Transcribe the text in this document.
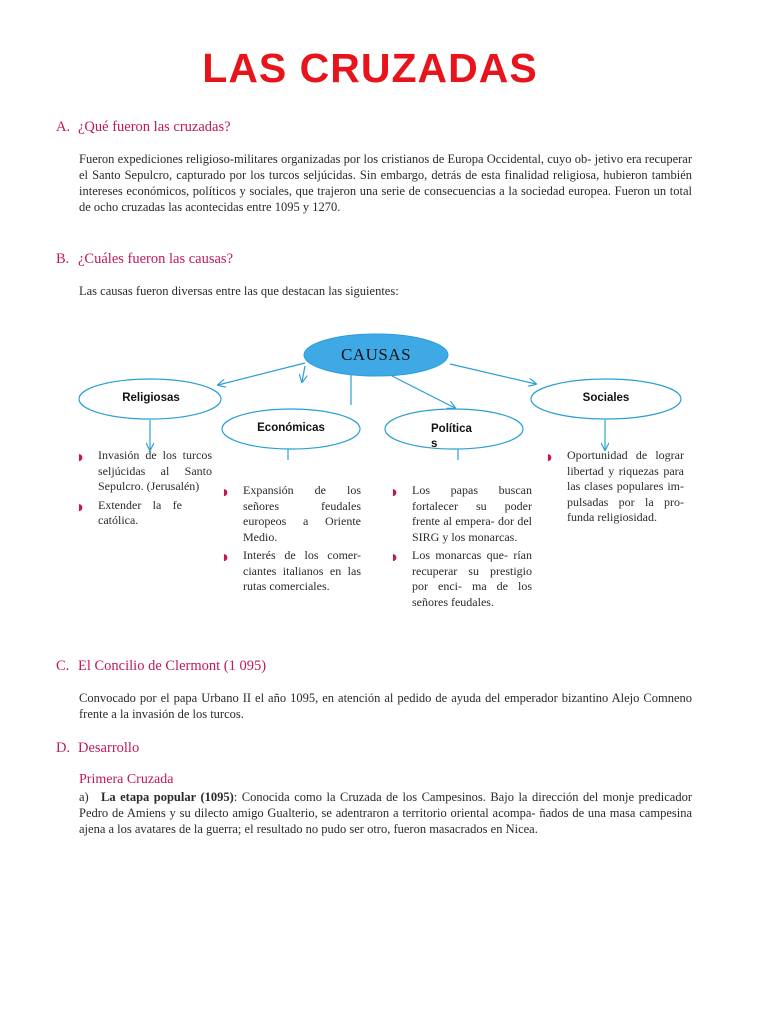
LAS CRUZADAS
A. ¿Qué fueron las cruzadas?
Fueron expediciones religioso-militares organizadas por los cristianos de Europa Occidental, cuyo ob- jetivo era recuperar el Santo Sepulcro, capturado por los turcos seljúcidas. Sin embargo, detrás de esta finalidad religiosa, hubieron también intereses económicos, políticos y sociales, que trajeron una serie de consecuencias a la sociedad europea. Fueron un total de ocho cruzadas las acontecidas entre 1095 y 1270.
B. ¿Cuáles fueron las causas?
Las causas fueron diversas entre las que destacan las siguientes:
CAUSAS
Religiosas
Económicas	Política
s
Sociales
◗ Invasión de los turcos seljúcidas al Santo Sepulcro. (Jerusalén)
◗ Extender la fe católica.
◗ Expansión de los señores feudales europeos a Oriente Medio.
◗ Interés de los comer- ciantes italianos en las rutas comerciales.
◗ Los papas buscan fortalecer su poder frente al empera- dor del SIRG y los monarcas.
◗ Los monarcas que- rían recuperar su prestigio por enci- ma de los señores feudales.
◗ Oportunidad de lograr libertad y riquezas para las clases populares im- pulsadas por la pro- funda religiosidad.
C. El Concilio de Clermont (1 095)
Convocado por el papa Urbano II el año 1095, en atención al pedido de ayuda del emperador bizantino Alejo Comneno frente a la invasión de los turcos.
D. Desarrollo
Primera Cruzada
a) La etapa popular (1095): Conocida como la Cruzada de los Campesinos. Bajo la dirección del monje predicador Pedro de Amiens y su dilecto amigo Gualterio, se adentraron a territorio oriental acompa- ñados de una masa campesina ajena a los avatares de la guerra; el resultado no pudo ser otro, fueron masacrados en Nicea.
